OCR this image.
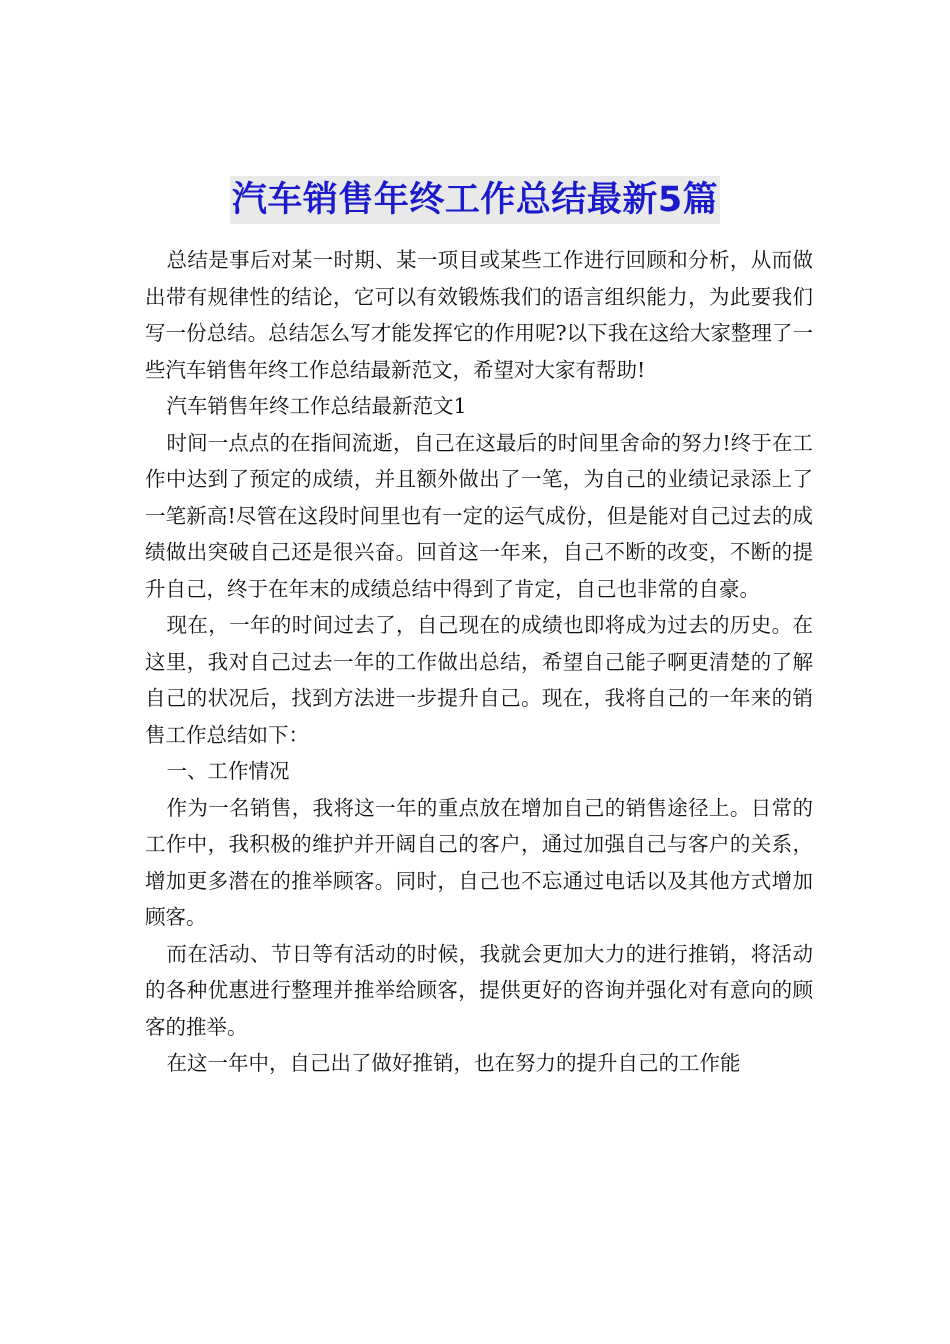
汽车销售年终工作总结最新5篇

总结是事后对某一时期、某一项目或某些工作进行回顾和分析，从而做出带有规律性的结论，它可以有效锻炼我们的语言组织能力，为此要我们写一份总结。总结怎么写才能发挥它的作用呢?以下我在这给大家整理了一些汽车销售年终工作总结最新范文，希望对大家有帮助!

汽车销售年终工作总结最新范文1

时间一点点的在指间流逝，自己在这最后的时间里舍命的努力!终于在工作中达到了预定的成绩，并且额外做出了一笔，为自己的业绩记录添上了一笔新高!尽管在这段时间里也有一定的运气成份，但是能对自己过去的成绩做出突破自己还是很兴奋。回首这一年来，自己不断的改变，不断的提升自己，终于在年末的成绩总结中得到了肯定，自己也非常的自豪。

现在，一年的时间过去了，自己现在的成绩也即将成为过去的历史。在这里，我对自己过去一年的工作做出总结，希望自己能子啊更清楚的了解自己的状况后，找到方法进一步提升自己。现在，我将自己的一年来的销售工作总结如下：

一、工作情况

作为一名销售，我将这一年的重点放在增加自己的销售途径上。日常的工作中，我积极的维护并开阔自己的客户，通过加强自己与客户的关系，增加更多潜在的推举顾客。同时，自己也不忘通过电话以及其他方式增加顾客。

而在活动、节日等有活动的时候，我就会更加大力的进行推销，将活动的各种优惠进行整理并推举给顾客，提供更好的咨询并强化对有意向的顾客的推举。

在这一年中，自己出了做好推销，也在努力的提升自己的工作能
